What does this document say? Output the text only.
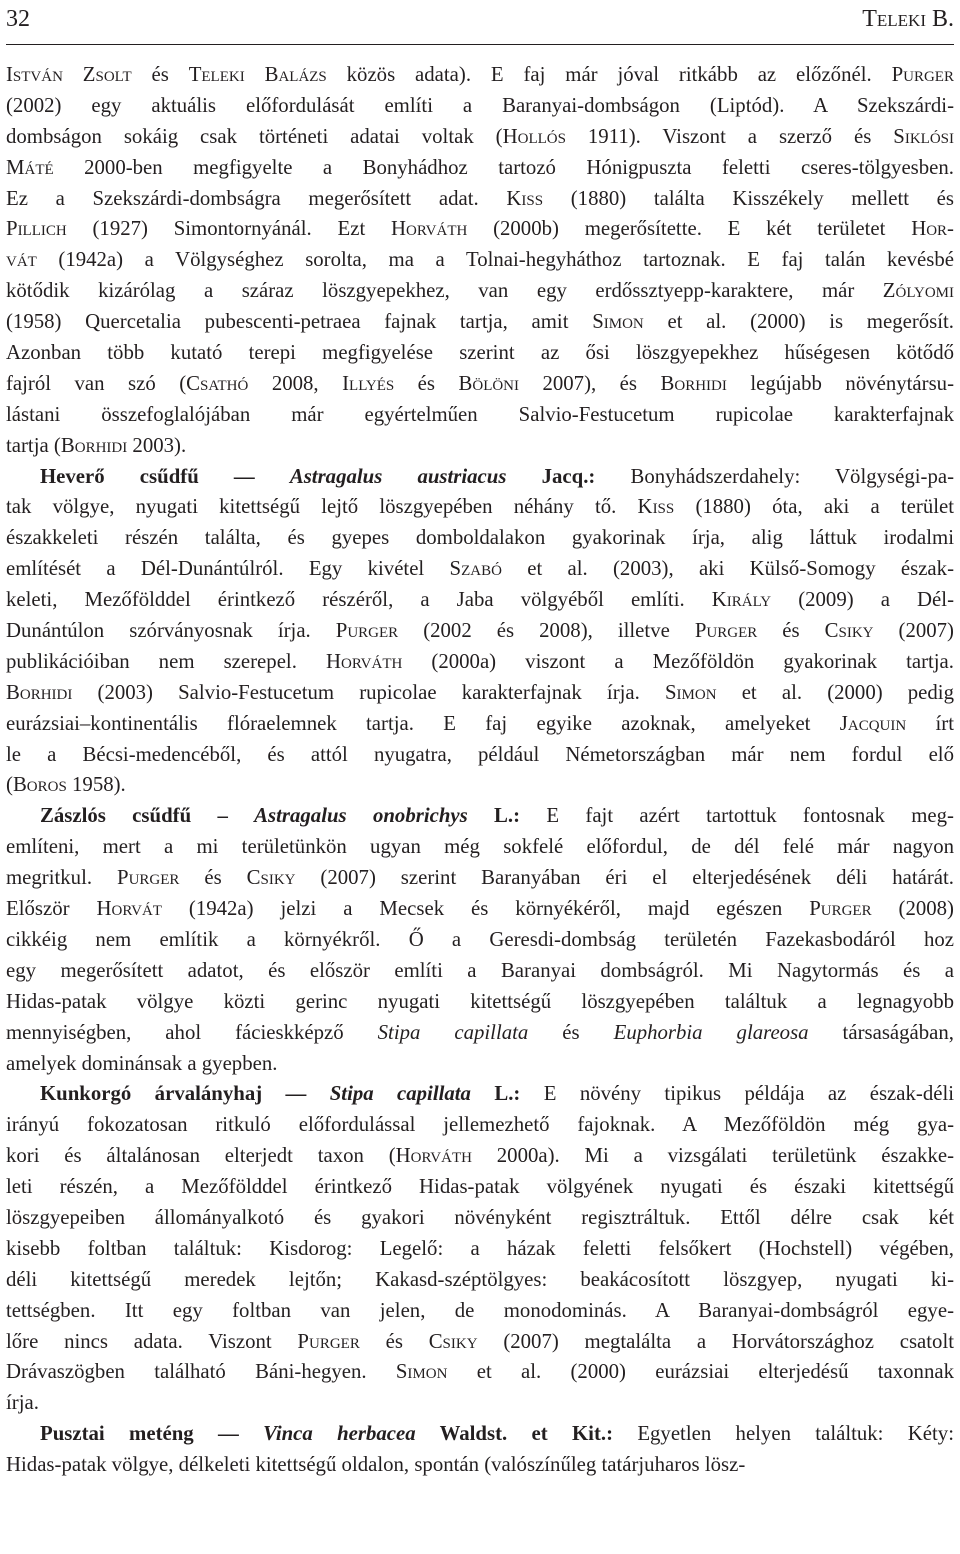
32	Teleki B.
István Zsolt és Teleki Balázs közös adata). E faj már jóval ritkább az előzőnél. Purger
(2002) egy aktuális előfordulását említi a Baranyai-dombságon (Liptód). A Szekszárdi-
dombságon sokáig csak történeti adatai voltak (Hollós 1911). Viszont a szerző és Siklósi
Máté 2000-ben megfigyelte a Bonyhádhoz tartozó Hónigpuszta feletti cseres-tölgyesben.
Ez a Szekszárdi-dombságra megerősített adat. Kiss (1880) találta Kisszékely mellett és
Pillich (1927) Simontornyánál. Ezt Horváth (2000b) megerősítette. E két területet Hor-
vát (1942a) a Völgységhez sorolta, ma a Tolnai-hegyháthoz tartoznak. E faj talán kevésbé
kötődik kizárólag a száraz löszgyepekhez, van egy erdőssztyepp-karaktere, már Zólyomi
(1958) Quercetalia pubescenti-petraea fajnak tartja, amit Simon et al. (2000) is megerősít.
Azonban több kutató terepi megfigyelése szerint az ősi löszgyepekhez hűségesen kötődő
fajról van szó (Csathó 2008, Illyés és Bölöni 2007), és Borhidi legújabb növénytársu-
lástani összefoglalójában már egyértelműen Salvio-Festucetum rupicolae karakterfajnak
tartja (Borhidi 2003).
Heverő csűdfű — Astragalus austriacus Jacq.: Bonyhádszerdahely: Völgységi-pa-
tak völgye, nyugati kitettségű lejtő löszgyepében néhány tő. Kiss (1880) óta, aki a terület
északkeleti részén találta, és gyepes domboldalakon gyakorinak írja, alig láttuk irodalmi
említését a Dél-Dunántúlról. Egy kivétel Szabó et al. (2003), aki Külső-Somogy észak-
keleti, Mezőfölddel érintkező részéről, a Jaba völgyéből említi. Király (2009) a Dél-
Dunántúlon szórványosnak írja. Purger (2002 és 2008), illetve Purger és Csiky (2007)
publikációiban nem szerepel. Horváth (2000a) viszont a Mezőföldön gyakorinak tartja.
Borhidi (2003) Salvio-Festucetum rupicolae karakterfajnak írja. Simon et al. (2000) pedig
eurázsiai–kontinentális flóraelemnek tartja. E faj egyike azoknak, amelyeket Jacquin írt
le a Bécsi-medencéből, és attól nyugatra, például Németországban már nem fordul elő
(Boros 1958).
Zászlós csűdfű – Astragalus onobrichys L.: E fajt azért tartottuk fontosnak meg-
említeni, mert a mi területünkön ugyan még sokfelé előfordul, de dél felé már nagyon
megritkul. Purger és Csiky (2007) szerint Baranyában éri el elterjedésének déli határát.
Először Horvát (1942a) jelzi a Mecsek és környékéről, majd egészen Purger (2008)
cikkéig nem említik a környékről. Ő a Geresdi-dombság területén Fazekasbodáról hoz
egy megerősített adatot, és először említi a Baranyai dombságról. Mi Nagytormás és a
Hidas-patak völgye közti gerinc nyugati kitettségű löszgyepében találtuk a legnagyobb
mennyiségben, ahol fácieskképző Stipa capillata és Euphorbia glareosa társaságában,
amelyek dominánsak a gyepben.
Kunkorgó árvalányhaj — Stipa capillata L.: E növény tipikus példája az észak-déli
irányú fokozatosan ritkuló előfordulással jellemezhető fajoknak. A Mezőföldön még gya-
kori és általánosan elterjedt taxon (Horváth 2000a). Mi a vizsgálati területünk északke-
leti részén, a Mezőfölddel érintkező Hidas-patak völgyének nyugati és északi kitettségű
löszgyepeiben állományalkotó és gyakori növényként regisztráltuk. Ettől délre csak két
kisebb foltban találtuk: Kisdorog: Legelő: a házak feletti felsőkert (Hochstell) végében,
déli kitettségű meredek lejtőn; Kakasd-széptölgyes: beakácosított löszgyep, nyugati ki-
tettségben. Itt egy foltban van jelen, de monodominás. A Baranyai-dombságról egye-
lőre nincs adata. Viszont Purger és Csiky (2007) megtalálta a Horvátországhoz csatolt
Drávaszögben található Báni-hegyen. Simon et al. (2000) eurázsiai elterjedésű taxonnak
írja.
Pusztai meténg — Vinca herbacea Waldst. et Kit.: Egyetlen helyen találtuk: Kéty:
Hidas-patak völgye, délkeleti kitettségű oldalon, spontán (valószínűleg tatárjuharos lösz-
